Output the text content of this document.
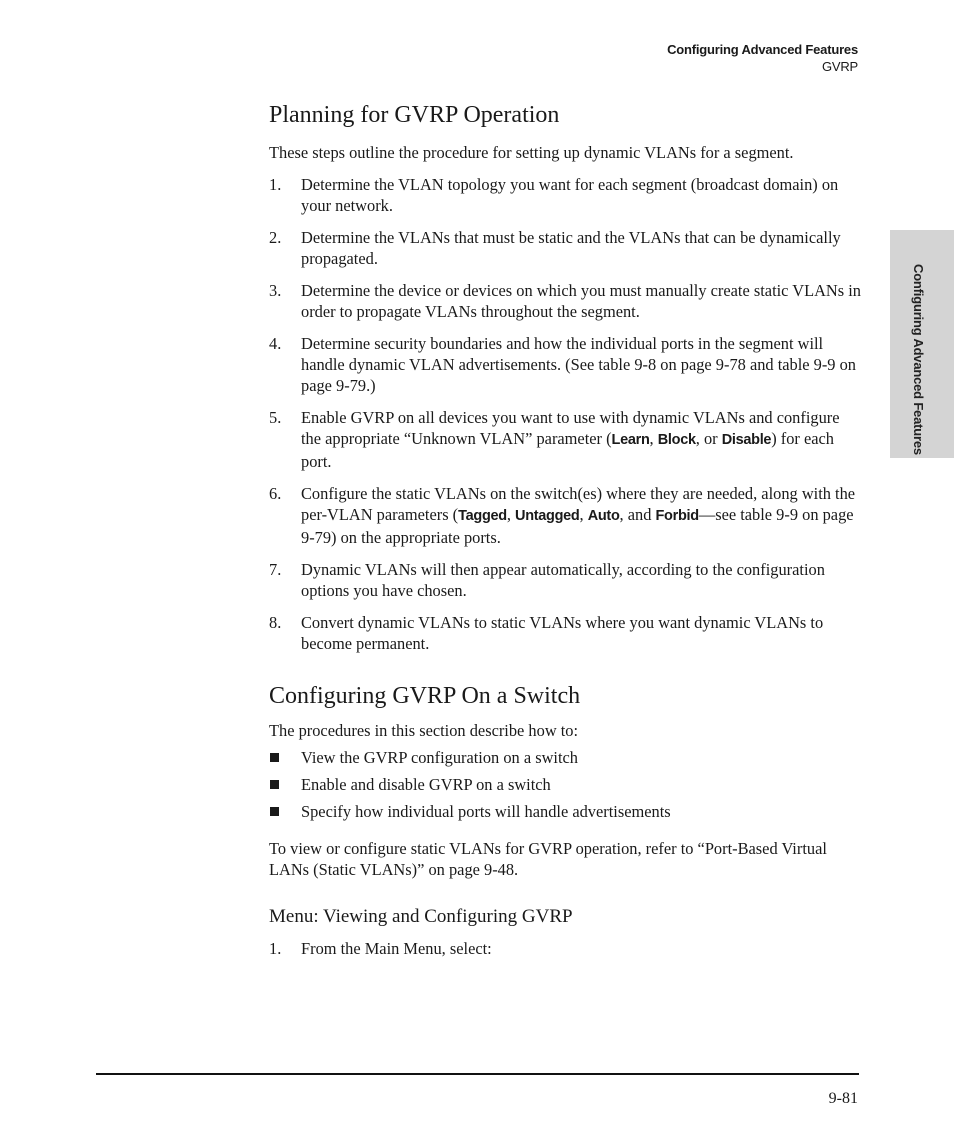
Configuring Advanced Features
GVRP
Configuring Advanced Features
Planning for GVRP Operation

These steps outline the procedure for setting up dynamic VLANs for a segment.

1. Determine the VLAN topology you want for each segment (broadcast domain) on your network.
2. Determine the VLANs that must be static and the VLANs that can be dynamically propagated.
3. Determine the device or devices on which you must manually create static VLANs in order to propagate VLANs throughout the segment.
4. Determine security boundaries and how the individual ports in the segment will handle dynamic VLAN advertisements. (See table 9-8 on page 9-78 and table 9-9 on page 9-79.)
5. Enable GVRP on all devices you want to use with dynamic VLANs and configure the appropriate “Unknown VLAN” parameter (Learn, Block, or Disable) for each port.
6. Configure the static VLANs on the switch(es) where they are needed, along with the per-VLAN parameters (Tagged, Untagged, Auto, and Forbid—see table 9-9 on page 9-79) on the appropriate ports.
7. Dynamic VLANs will then appear automatically, according to the configuration options you have chosen.
8. Convert dynamic VLANs to static VLANs where you want dynamic VLANs to become permanent.
Configuring GVRP On a Switch

The procedures in this section describe how to:

View the GVRP configuration on a switch
Enable and disable GVRP on a switch
Specify how individual ports will handle advertisements

To view or configure static VLANs for GVRP operation, refer to “Port-Based Virtual LANs (Static VLANs)” on page 9-48.

Menu: Viewing and Configuring GVRP
1. From the Main Menu, select:
9-81
